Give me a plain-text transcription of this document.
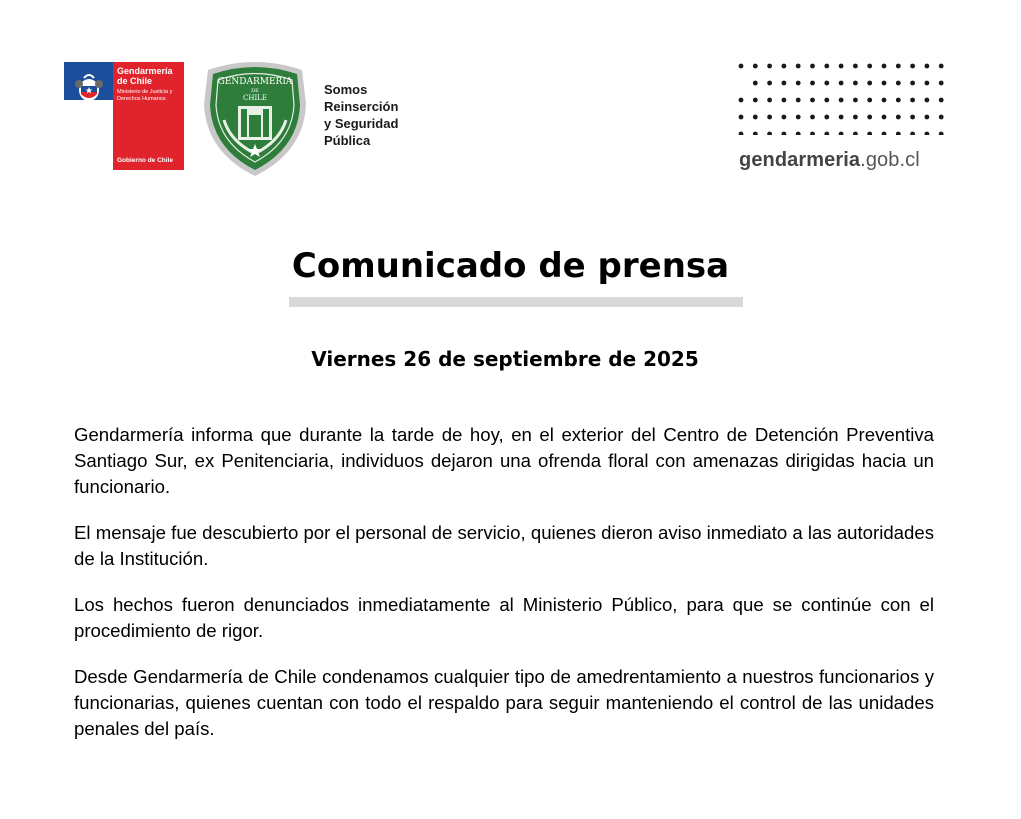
Gendarmería de Chile
Ministerio de Justicia y Derechos Humanos
Gobierno de Chile
GENDARMERIA
DE
CHILE
Somos
Reinserción
y Seguridad
Pública
gendarmeria.gob.cl
Comunicado de prensa
Viernes 26 de septiembre de 2025

Gendarmería informa que durante la tarde de hoy, en el exterior del Centro de Detención Preventiva Santiago Sur, ex Penitenciaria, individuos dejaron una ofrenda floral con amenazas dirigidas hacia un funcionario.

El mensaje fue descubierto por el personal de servicio, quienes dieron aviso inmediato a las autoridades de la Institución.

Los hechos fueron denunciados inmediatamente al Ministerio Público, para que se continúe con el procedimiento de rigor.

Desde Gendarmería de Chile condenamos cualquier tipo de amedrentamiento a nuestros funcionarios y funcionarias, quienes cuentan con todo el respaldo para seguir manteniendo el control de las unidades penales del país.
